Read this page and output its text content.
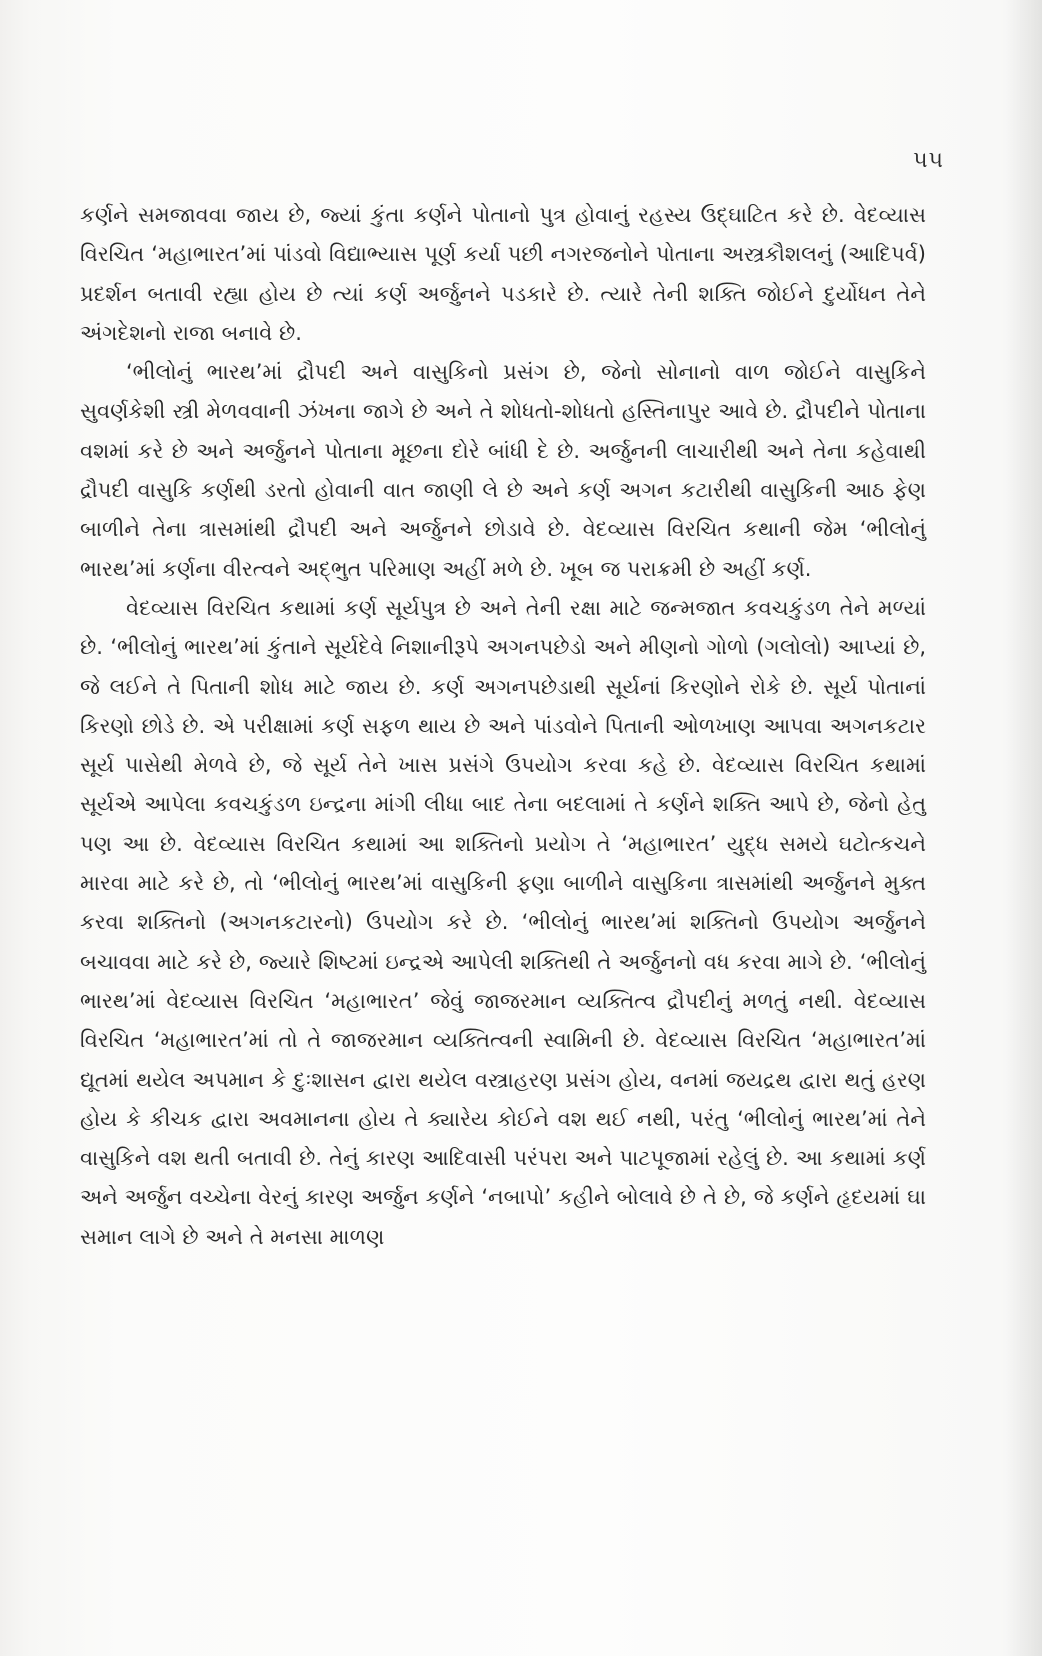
૫૫

કર્ણને સમજાવવા જાય છે, જ્યાં કુંતા કર્ણને પોતાનો પુત્ર હોવાનું રહસ્ય ઉદ્‌ઘાટિત કરે છે. વેદવ્યાસ વિરચિત ‘મહાભારત’માં પાંડવો વિદ્યાભ્યાસ પૂર્ણ કર્યા પછી નગરજનોને પોતાના અસ્ત્રકૌશલનું (આદિપર્વ) પ્રદર્શન બતાવી રહ્યા હોય છે ત્યાં કર્ણ અર્જુનને પડકારે છે. ત્યારે તેની શક્તિ જોઈને દુર્યોધન તેને અંગદેશનો રાજા બનાવે છે.

‘ભીલોનું ભારથ’માં દ્રૌપદી અને વાસુકિનો પ્રસંગ છે, જેનો સોનાનો વાળ જોઈને વાસુકિને સુવર્ણકેશી સ્ત્રી મેળવવાની ઝંખના જાગે છે અને તે શોધતો-શોધતો હસ્તિનાપુર આવે છે. દ્રૌપદીને પોતાના વશમાં કરે છે અને અર્જુનને પોતાના મૂછના દોરે બાંધી દે છે. અર્જુનની લાચારીથી અને તેના કહેવાથી દ્રૌપદી વાસુકિ કર્ણથી ડરતો હોવાની વાત જાણી લે છે અને કર્ણ અગન કટારીથી વાસુકિની આઠ ફેણ બાળીને તેના ત્રાસમાંથી દ્રૌપદી અને અર્જુનને છોડાવે છે. વેદવ્યાસ વિરચિત કથાની જેમ ‘ભીલોનું ભારથ’માં કર્ણના વીરત્વને અદ્‌ભુત પરિમાણ અહીં મળે છે. ખૂબ જ પરાક્રમી છે અહીં કર્ણ.

વેદવ્યાસ વિરચિત કથામાં કર્ણ સૂર્યપુત્ર છે અને તેની રક્ષા માટે જન્મજાત કવચકુંડળ તેને મળ્યાં છે. ‘ભીલોનું ભારથ’માં કુંતાને સૂર્યદેવે નિશાનીરૂપે અગનપછેડો અને મીણનો ગોળો (ગલોલો) આપ્યાં છે, જે લઈને તે પિતાની શોધ માટે જાય છે. કર્ણ અગનપછેડાથી સૂર્યનાં કિરણોને રોકે છે. સૂર્ય પોતાનાં કિરણો છોડે છે. એ પરીક્ષામાં કર્ણ સફળ થાય છે અને પાંડવોને પિતાની ઓળખાણ આપવા અગનકટાર સૂર્ય પાસેથી મેળવે છે, જે સૂર્ય તેને ખાસ પ્રસંગે ઉપયોગ કરવા કહે છે. વેદવ્યાસ વિરચિત કથામાં સૂર્યએ આપેલા કવચકુંડળ ઇન્દ્રના માંગી લીધા બાદ તેના બદલામાં તે કર્ણને શક્તિ આપે છે, જેનો હેતુ પણ આ છે. વેદવ્યાસ વિરચિત કથામાં આ શક્તિનો પ્રયોગ તે ‘મહાભારત’ યુદ્ધ સમયે ઘટોત્કચને મારવા માટે કરે છે, તો ‘ભીલોનું ભારથ’માં વાસુકિની ફણા બાળીને વાસુકિના ત્રાસમાંથી અર્જુનને મુક્ત કરવા શક્તિનો (અગનકટારનો) ઉપયોગ કરે છે. ‘ભીલોનું ભારથ’માં શક્તિનો ઉપયોગ અર્જુનને બચાવવા માટે કરે છે, જ્યારે શિષ્ટમાં ઇન્દ્રએ આપેલી શક્તિથી તે અર્જુનનો વધ કરવા માગે છે. ‘ભીલોનું ભારથ’માં વેદવ્યાસ વિરચિત ‘મહાભારત’ જેવું જાજરમાન વ્યક્તિત્વ દ્રૌપદીનું મળતું નથી. વેદવ્યાસ વિરચિત ‘મહાભારત’માં તો તે જાજરમાન વ્યક્તિત્વની સ્વામિની છે. વેદવ્યાસ વિરચિત ‘મહાભારત’માં દ્યૂતમાં થયેલ અપમાન કે દુઃશાસન દ્વારા થયેલ વસ્ત્રાહરણ પ્રસંગ હોય, વનમાં જયદ્રથ દ્વારા થતું હરણ હોય કે કીચક દ્વારા અવમાનના હોય તે ક્યારેય કોઈને વશ થઈ નથી, પરંતુ ‘ભીલોનું ભારથ’માં તેને વાસુકિને વશ થતી બતાવી છે. તેનું કારણ આદિવાસી પરંપરા અને પાટપૂજામાં રહેલું છે. આ કથામાં કર્ણ અને અર્જુન વચ્ચેના વેરનું કારણ અર્જુન કર્ણને ‘નબાપો’ કહીને બોલાવે છે તે છે, જે કર્ણને હૃદયમાં ઘા સમાન લાગે છે અને તે મનસા માળણ
